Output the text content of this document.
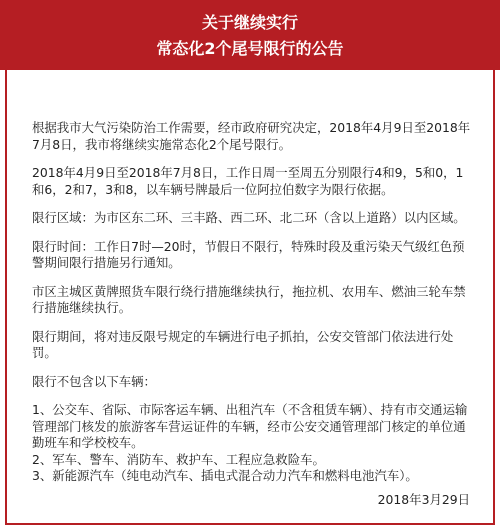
关于继续实行
常态化2个尾号限行的公告

根据我市大气污染防治工作需要，经市政府研究决定，2018年4月9日至2018年7月8日，我市将继续实施常态化2个尾号限行。

2018年4月9日至2018年7月8日，工作日周一至周五分别限行4和9，5和0，1和6，2和7，3和8，以车辆号牌最后一位阿拉伯数字为限行依据。

限行区域：为市区东二环、三丰路、西二环、北二环（含以上道路）以内区域。

限行时间：工作日7时—20时，节假日不限行，特殊时段及重污染天气级红色预警期间限行措施另行通知。

市区主城区黄牌照货车限行绕行措施继续执行，拖拉机、农用车、燃油三轮车禁行措施继续执行。

限行期间，将对违反限号规定的车辆进行电子抓拍，公安交管部门依法进行处罚。

限行不包含以下车辆：

1、公交车、省际、市际客运车辆、出租汽车（不含租赁车辆）、持有市交通运输管理部门核发的旅游客车营运证件的车辆，经市公安交通管理部门核定的单位通勤班车和学校校车。

2、军车、警车、消防车、救护车、工程应急救险车。

3、新能源汽车（纯电动汽车、插电式混合动力汽车和燃料电池汽车）。

2018年3月29日
